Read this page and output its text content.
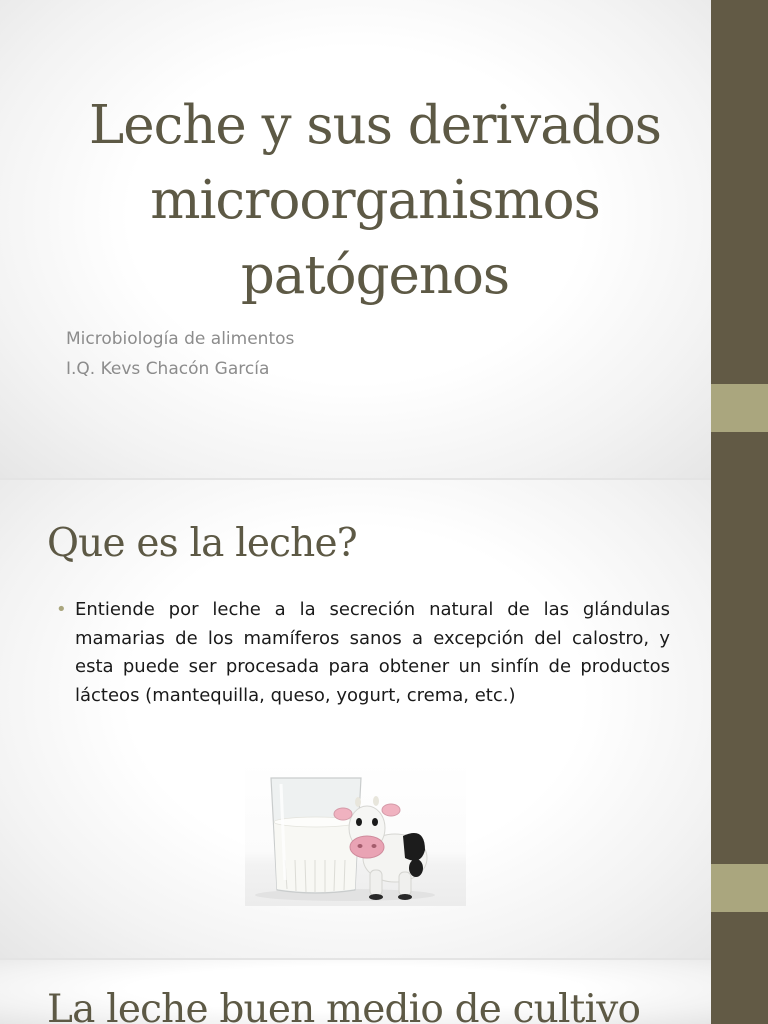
Leche y sus derivados
microorganismos
patógenos
Microbiología de alimentos
I.Q. Kevs Chacón García
Que es la leche?
• Entiende por leche a la secreción natural de las glándulas mamarias de los mamíferos sanos a excepción del calostro, y esta puede ser procesada para obtener un sinfín de productos lácteos (mantequilla, queso, yogurt, crema, etc.)
La leche buen medio de cultivo
